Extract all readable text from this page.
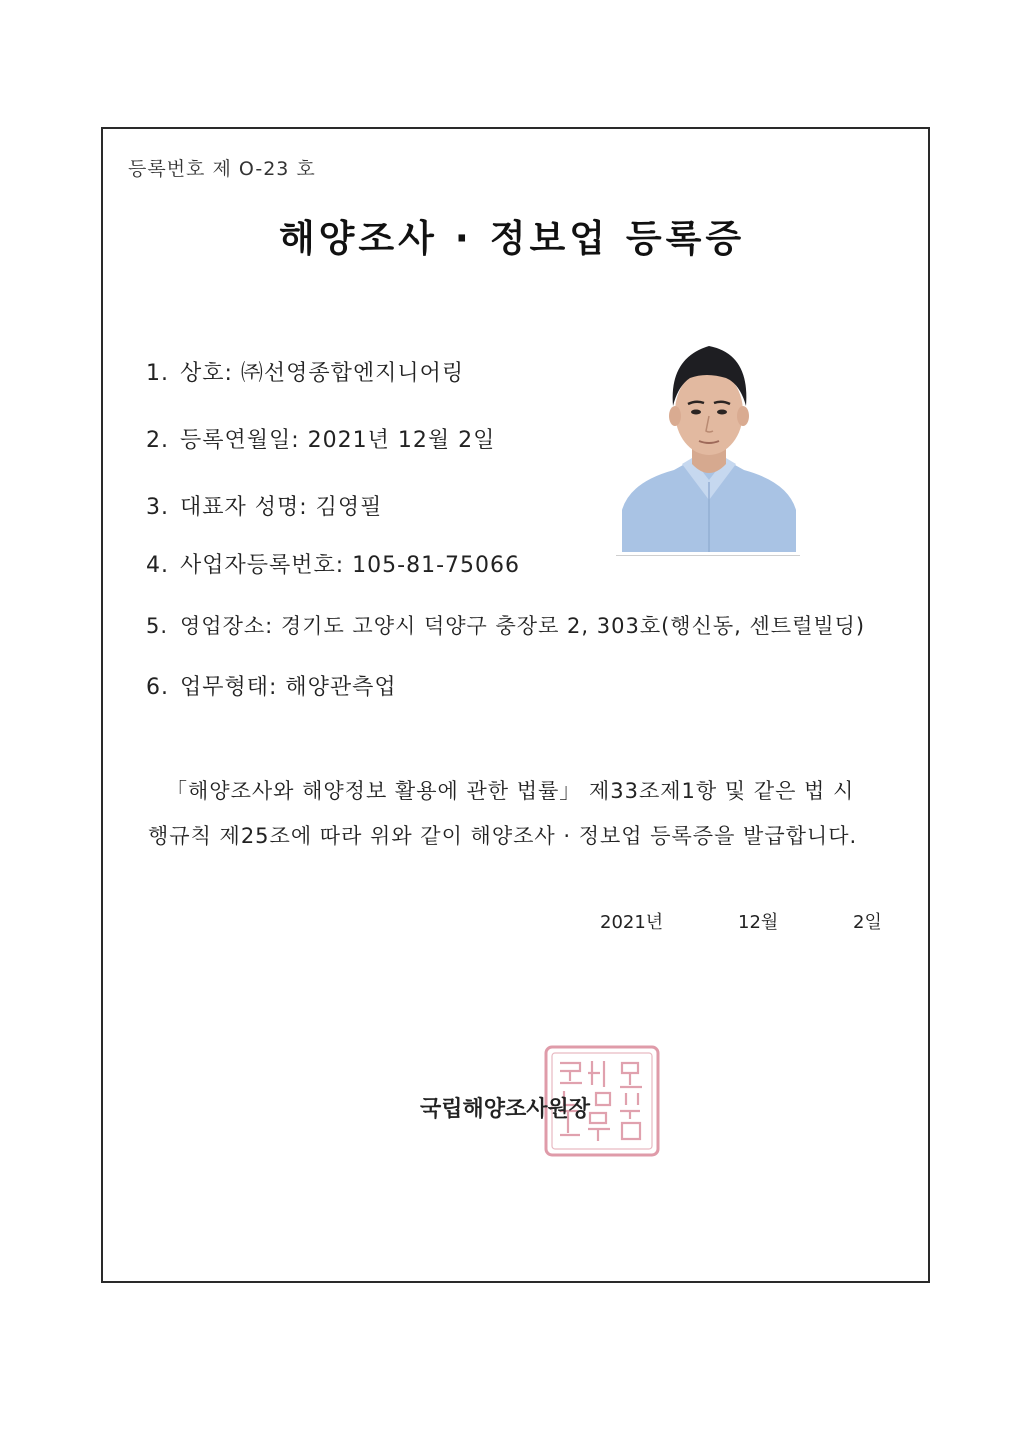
등록번호 제 O-23 호
해양조사 · 정보업 등록증
1. 상호: ㈜선영종합엔지니어링
2. 등록연월일: 2021년 12월 2일
3. 대표자 성명: 김영필
4. 사업자등록번호: 105-81-75066
5. 영업장소: 경기도 고양시 덕양구 충장로 2, 303호(행신동, 센트럴빌딩)
6. 업무형태: 해양관측업
「해양조사와 해양정보 활용에 관한 법률」 제33조제1항 및 같은 법 시
행규칙 제25조에 따라 위와 같이 해양조사 · 정보업 등록증을 발급합니다.
2021년	12월	2일
국립해양조사원장
